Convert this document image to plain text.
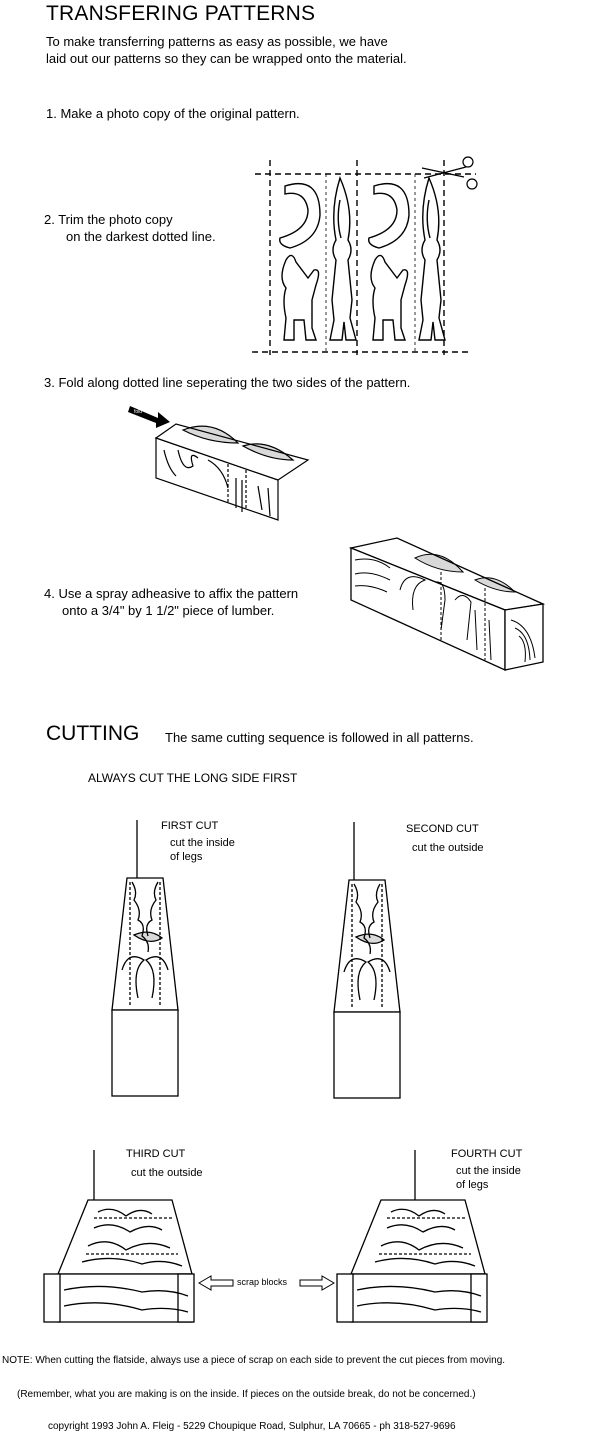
TRANSFERING PATTERNS
To make transferring patterns as easy as possible, we have
laid out our patterns so they can be wrapped onto the material.
1. Make a photo copy of the original pattern.
2. Trim the photo copy
on the darkest dotted line.
3. Fold along dotted line seperating the two sides of the pattern.
fold
4. Use a spray adheasive to affix the pattern
onto a 3/4" by 1 1/2" piece of lumber.
CUTTING The same cutting sequence is followed in all patterns.
ALWAYS CUT THE LONG SIDE FIRST
FIRST CUT
cut the inside
of legs
SECOND CUT
cut the outside
THIRD CUT
cut the outside
FOURTH CUT
cut the inside
of legs
scrap blocks
NOTE: When cutting the flatside, always use a piece of scrap on each side to prevent the cut pieces from moving.
(Remember, what you are making is on the inside. If pieces on the outside break, do not be concerned.)
copyright 1993 John A. Fleig - 5229 Choupique Road, Sulphur, LA 70665 - ph 318-527-9696
